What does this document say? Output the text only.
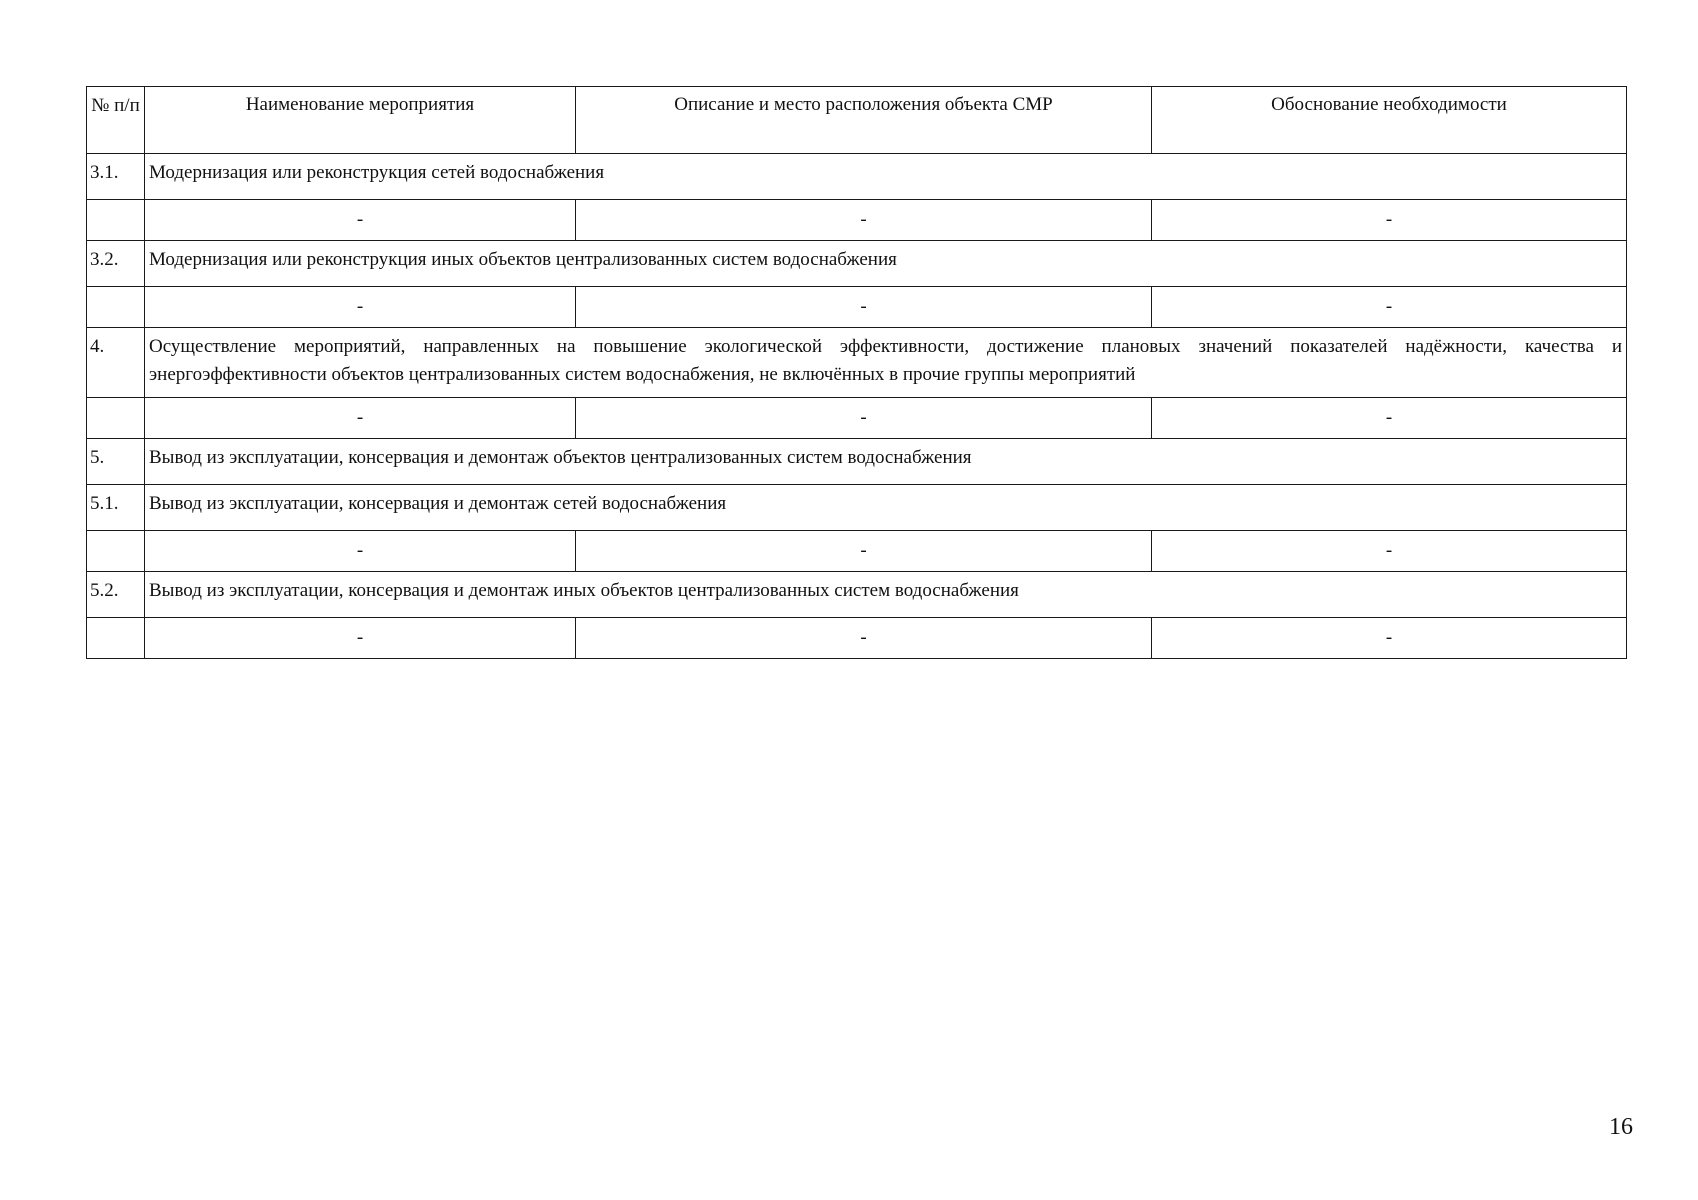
№ п/п	Наименование мероприятия	Описание и место расположения объекта СМР	Обоснование необходимости
3.1.	Модернизация или реконструкция сетей водоснабжения		
	-	-	-
3.2.	Модернизация или реконструкция иных объектов централизованных систем водоснабжения		
	-	-	-
4.	Осуществление мероприятий, направленных на повышение экологической эффективности, достижение плановых значений показателей надёжности, качества и энергоэффективности объектов централизованных систем водоснабжения, не включённых в прочие группы мероприятий		
	-	-	-
5.	Вывод из эксплуатации, консервация и демонтаж объектов централизованных систем водоснабжения		
5.1.	Вывод из эксплуатации, консервация и демонтаж сетей водоснабжения		
	-	-	-
5.2.	Вывод из эксплуатации, консервация и демонтаж иных объектов централизованных систем водоснабжения		
	-	-	-
16
